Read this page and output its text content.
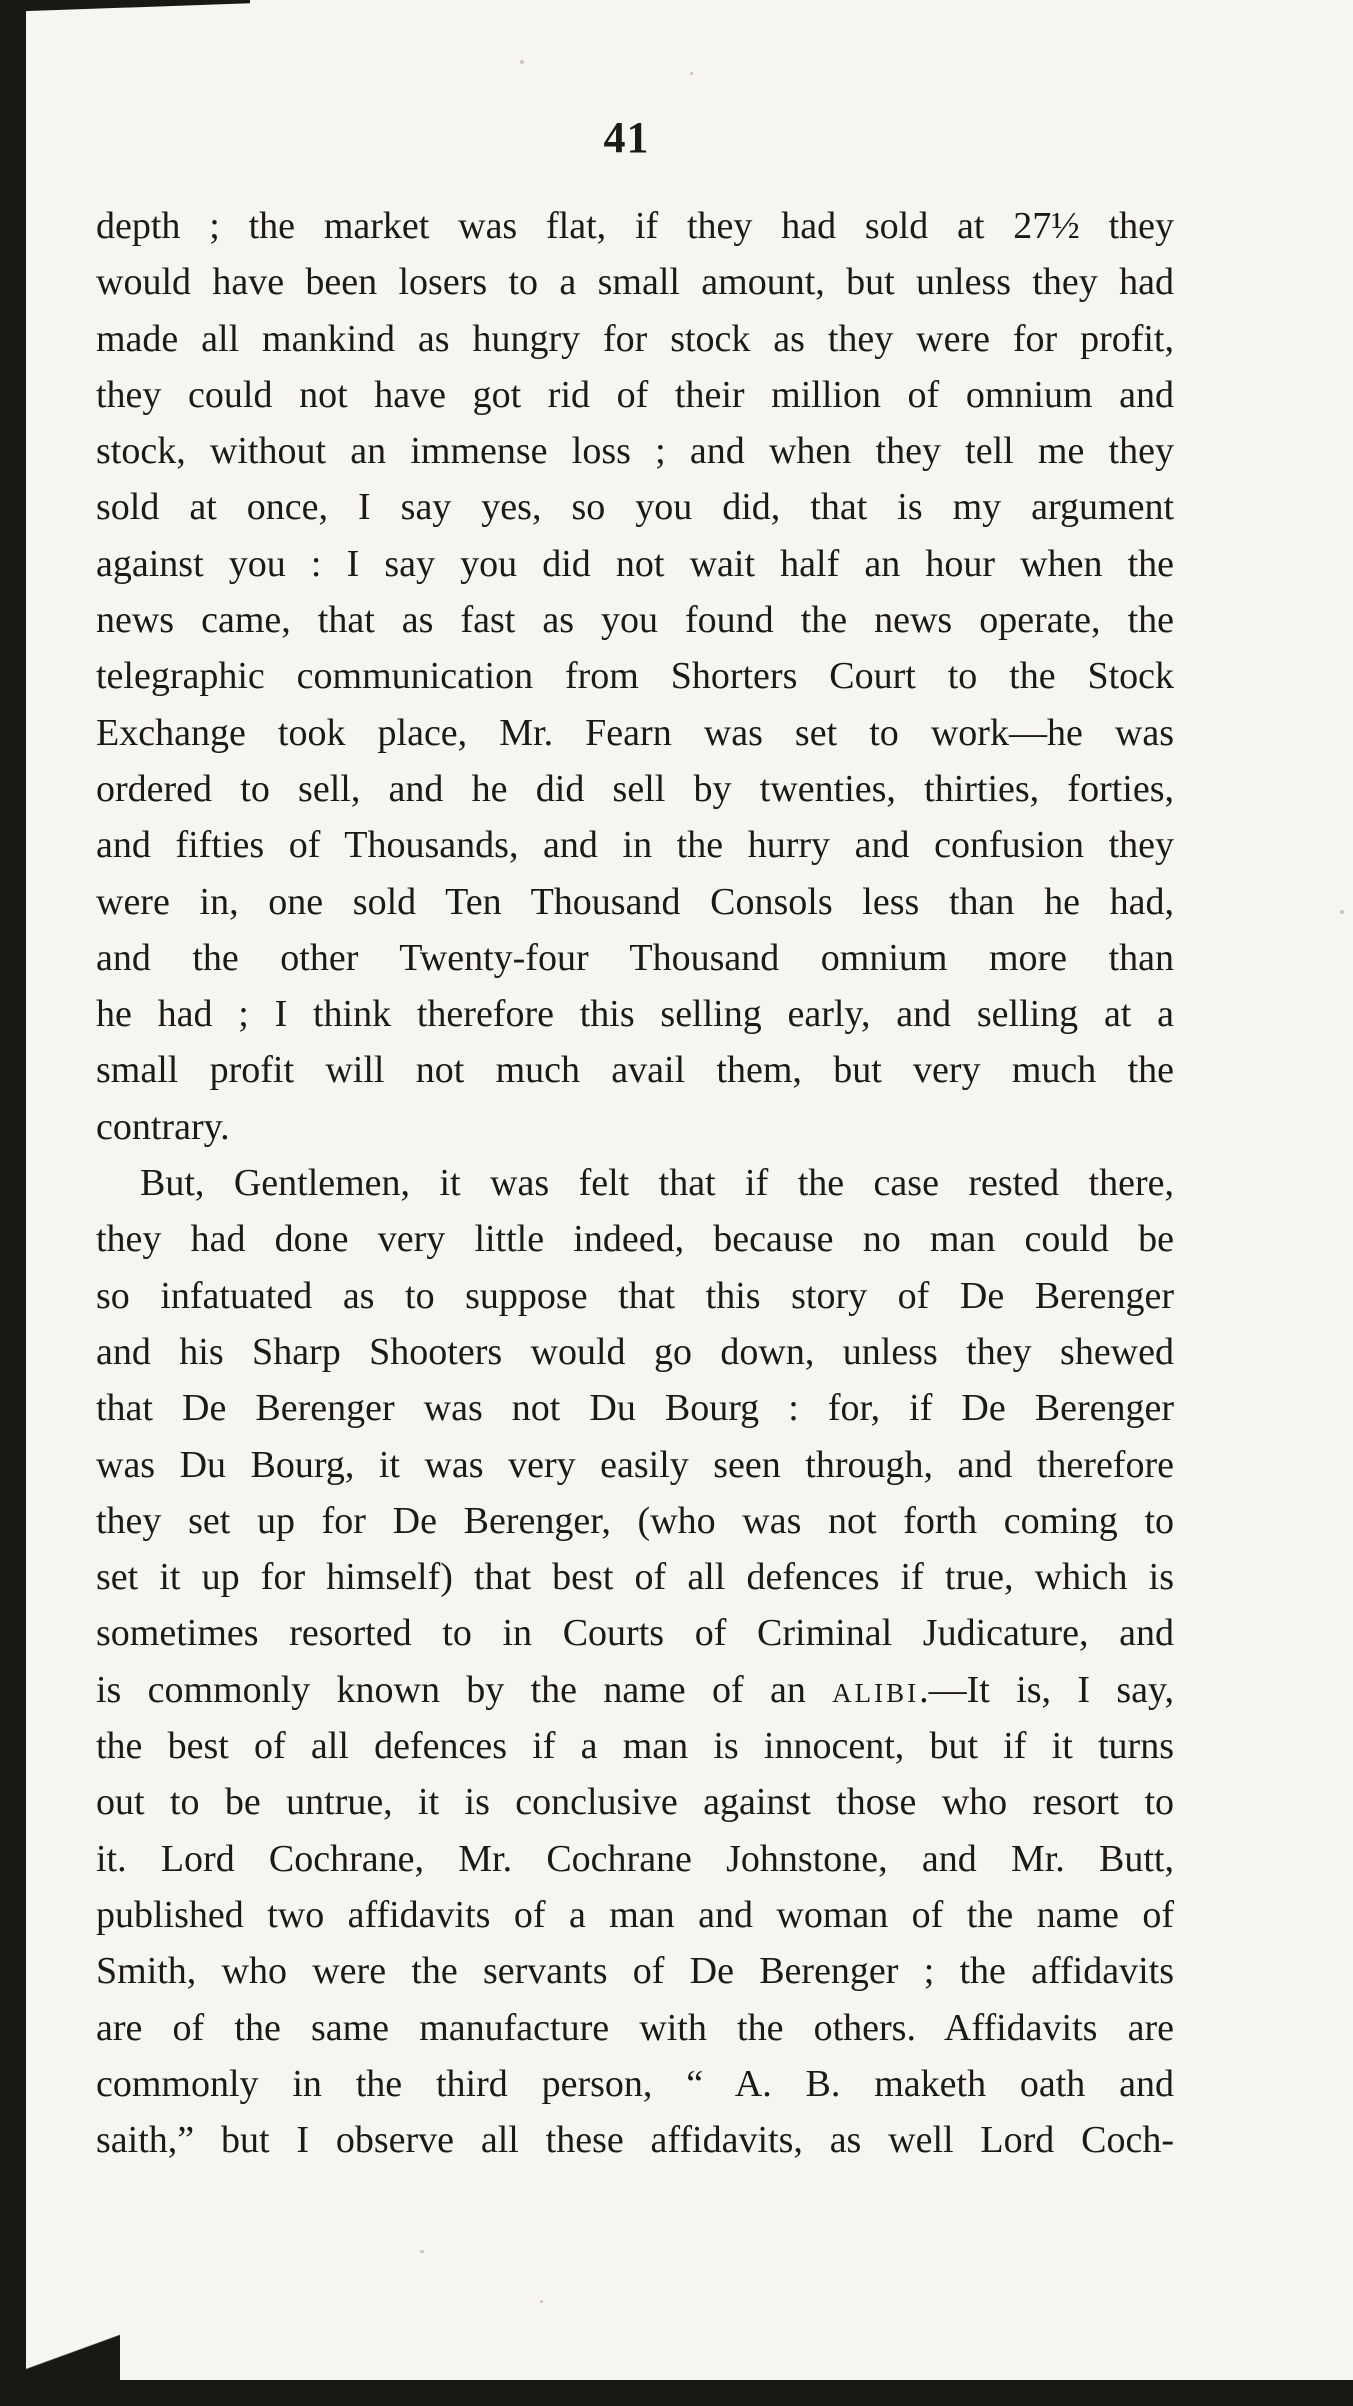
41
depth ; the market was flat, if they had sold at 27½ they
would have been losers to a small amount, but unless they had
made all mankind as hungry for stock as they were for profit,
they could not have got rid of their million of omnium and
stock, without an immense loss ; and when they tell me they
sold at once, I say yes, so you did, that is my argument
against you : I say you did not wait half an hour when the
news came, that as fast as you found the news operate, the
telegraphic communication from Shorters Court to the Stock
Exchange took place, Mr. Fearn was set to work—he was
ordered to sell, and he did sell by twenties, thirties, forties,
and fifties of Thousands, and in the hurry and confusion they
were in, one sold Ten Thousand Consols less than he had,
and the other Twenty-four Thousand omnium more than
he had ; I think therefore this selling early, and selling at a
small profit will not much avail them, but very much the
contrary.
But, Gentlemen, it was felt that if the case rested there,
they had done very little indeed, because no man could be
so infatuated as to suppose that this story of De Berenger
and his Sharp Shooters would go down, unless they shewed
that De Berenger was not Du Bourg : for, if De Berenger
was Du Bourg, it was very easily seen through, and therefore
they set up for De Berenger, (who was not forth coming to
set it up for himself) that best of all defences if true, which is
sometimes resorted to in Courts of Criminal Judicature, and
is commonly known by the name of an alibi.—It is, I say,
the best of all defences if a man is innocent, but if it turns
out to be untrue, it is conclusive against those who resort to
it. Lord Cochrane, Mr. Cochrane Johnstone, and Mr. Butt,
published two affidavits of a man and woman of the name of
Smith, who were the servants of De Berenger ; the affidavits
are of the same manufacture with the others. Affidavits are
commonly in the third person, “ A. B. maketh oath and
saith,” but I observe all these affidavits, as well Lord Coch-
